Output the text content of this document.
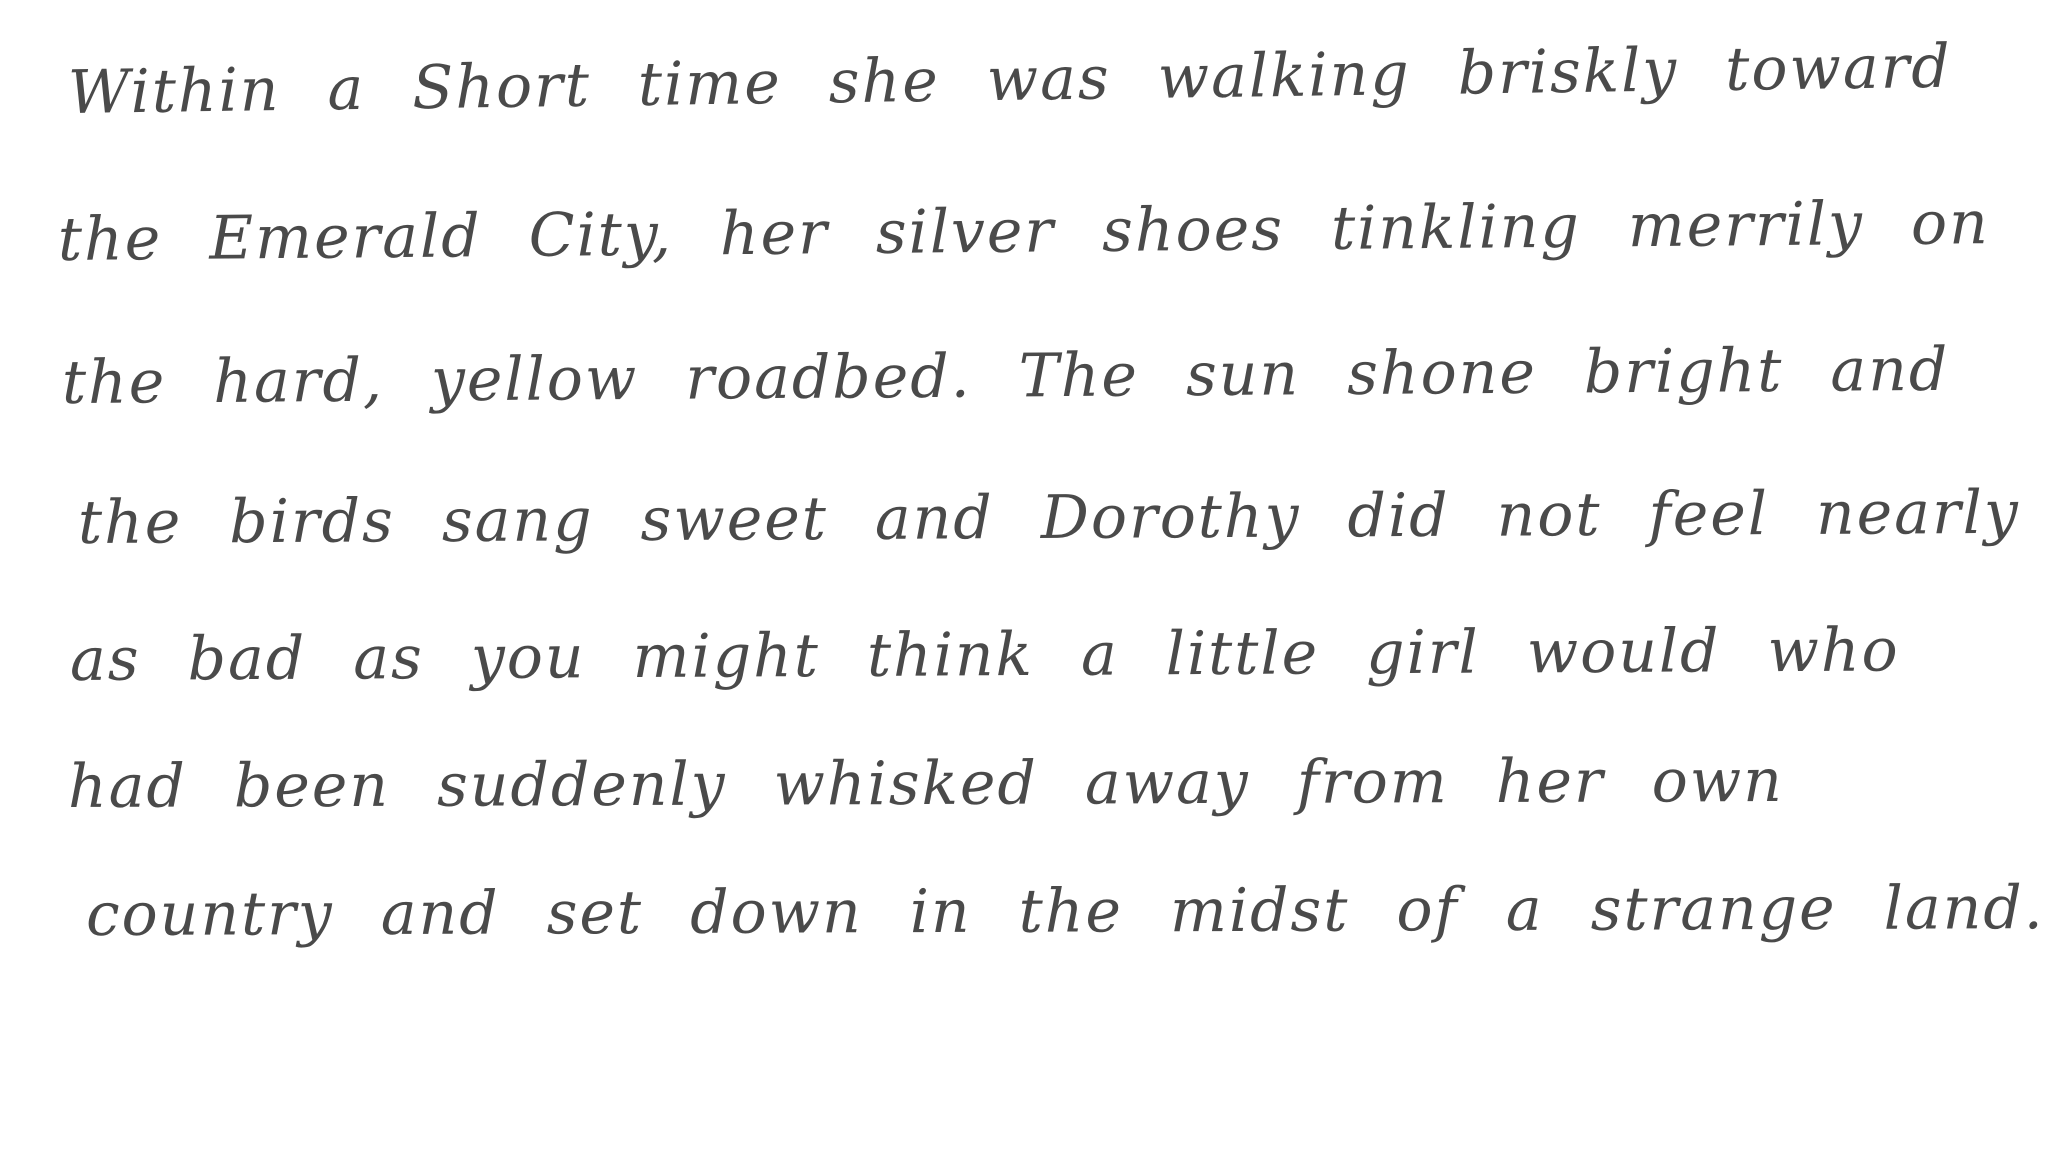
Within a Short time she was walking briskly toward
the Emerald City, her silver shoes tinkling merrily on
the hard, yellow roadbed. The sun shone bright and
the birds sang sweet and Dorothy did not feel nearly
as bad as you might think a little girl would who
had been suddenly whisked away from her own
country and set down in the midst of a strange land.
